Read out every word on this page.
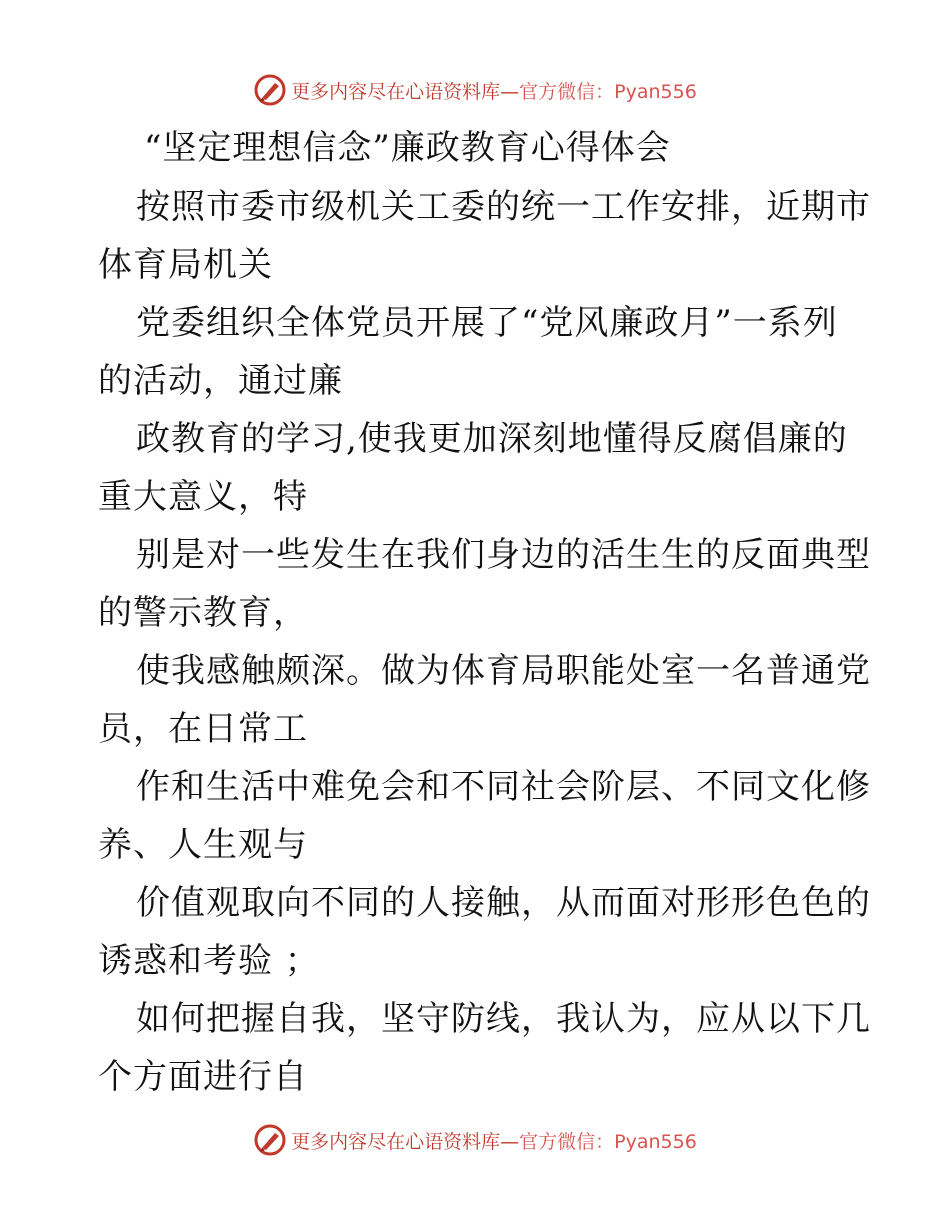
更多内容尽在心语资料库—官方微信：Pyan556
“坚定理想信念”廉政教育心得体会

按照市委市级机关工委的统一工作安排，近期市
体育局机关

党委组织全体党员开展了“党风廉政月”一系列
的活动，通过廉

政教育的学习,使我更加深刻地懂得反腐倡廉的
重大意义，特

别是对一些发生在我们身边的活生生的反面典型
的警示教育，

使我感触颇深。做为体育局职能处室一名普通党
员，在日常工

作和生活中难免会和不同社会阶层、不同文化修
养、人生观与

价值观取向不同的人接触，从而面对形形色色的
诱惑和考验 ；

如何把握自我，坚守防线，我认为，应从以下几
个方面进行自

更多内容尽在心语资料库—官方微信：Pyan556
